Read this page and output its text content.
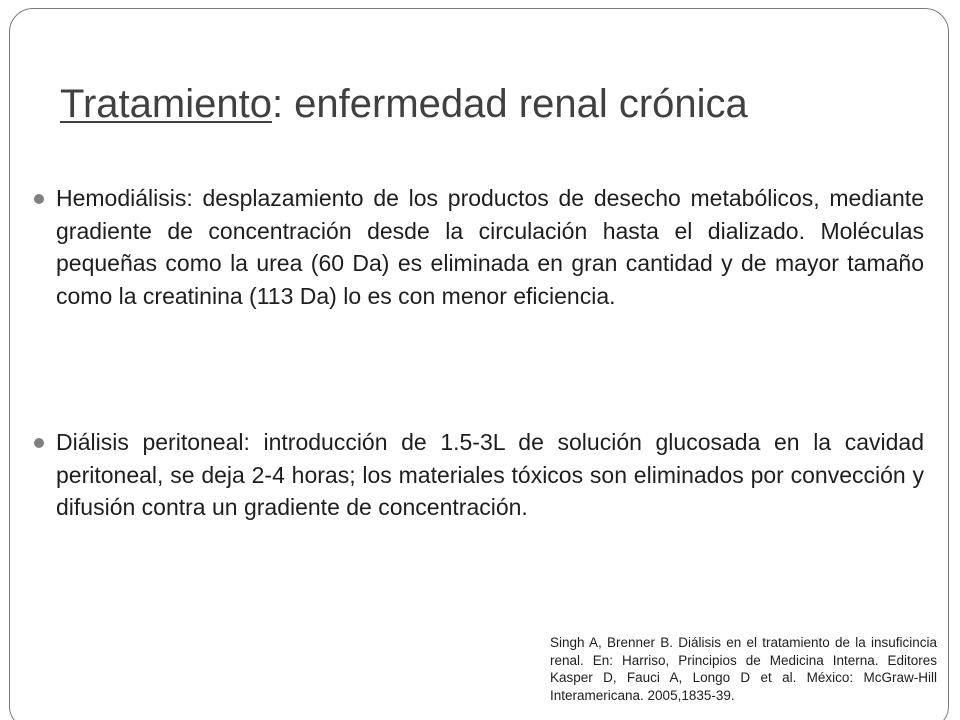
Tratamiento: enfermedad renal crónica
Hemodiálisis: desplazamiento de los productos de desecho metabólicos, mediante gradiente de concentración desde la circulación hasta el dializado. Moléculas pequeñas como la urea (60 Da) es eliminada en gran cantidad y de mayor tamaño como la creatinina (113 Da) lo es con menor eficiencia.
Diálisis peritoneal: introducción de 1.5-3L de solución glucosada en la cavidad peritoneal, se deja 2-4 horas; los materiales tóxicos son eliminados por convección y difusión contra un gradiente de concentración.
Singh A, Brenner B. Diálisis en el tratamiento de la insuficincia renal. En: Harriso, Principios de Medicina Interna. Editores Kasper D, Fauci A, Longo D et al. México: McGraw-Hill Interamericana. 2005,1835-39.
